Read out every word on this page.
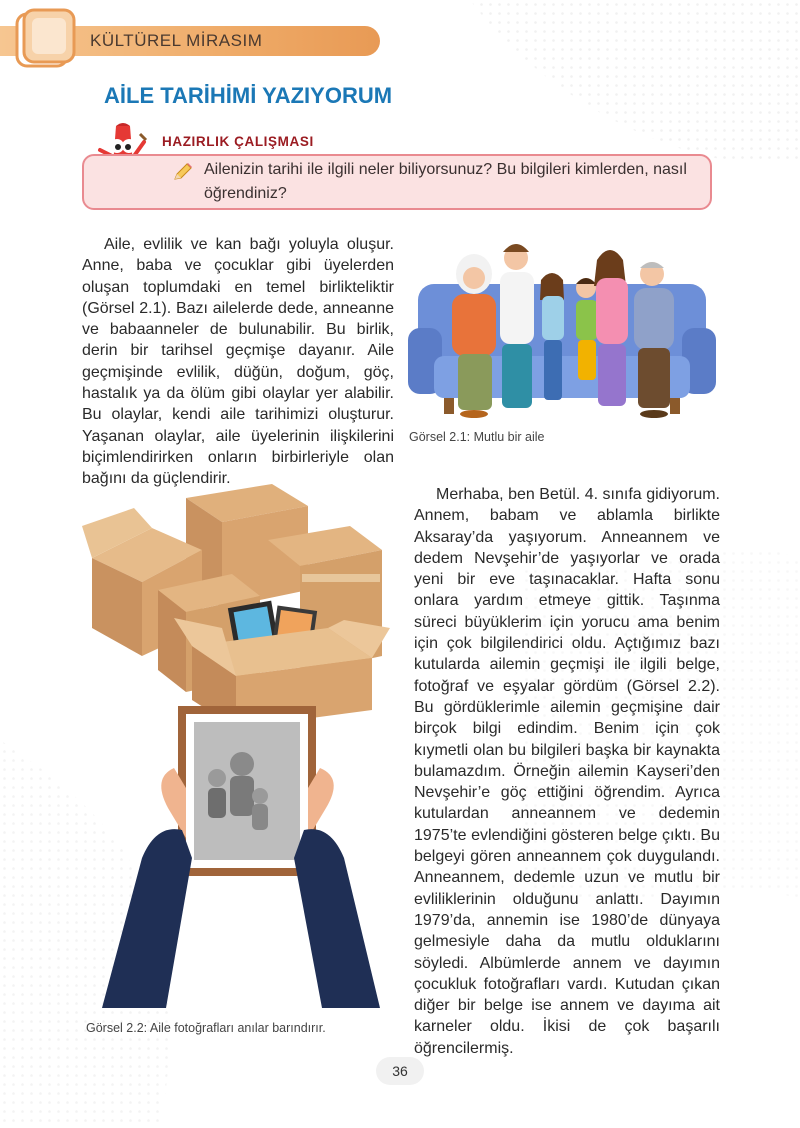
KÜLTÜREL MİRASIM
AİLE TARİHİMİ YAZIYORUM
HAZIRLIK ÇALIŞMASI
Ailenizin tarihi ile ilgili neler biliyorsunuz? Bu bilgileri kimlerden, nasıl öğrendiniz?
Aile, evlilik ve kan bağı yoluyla oluşur. Anne, baba ve çocuklar gibi üyelerden oluşan toplumdaki en temel birlikteliktir (Görsel 2.1). Bazı ailelerde dede, anneanne ve babaanneler de bulunabilir. Bu birlik, derin bir tarihsel geçmişe dayanır. Aile geçmişinde evlilik, düğün, doğum, göç, hastalık ya da ölüm gibi olaylar yer alabilir. Bu olaylar, kendi aile tarihimizi oluşturur. Yaşanan olaylar, aile üyelerinin ilişkilerini biçimlendirirken onların birbirleriyle olan bağını da güçlendirir.
Görsel 2.1: Mutlu bir aile
Görsel 2.2: Aile fotoğrafları anılar barındırır.
Merhaba, ben Betül. 4. sınıfa gidiyorum. Annem, babam ve ablamla birlikte Aksaray’da yaşıyorum. Anneannem ve dedem Nevşehir’de yaşıyorlar ve orada yeni bir eve taşınacaklar. Hafta sonu onlara yardım etmeye gittik. Taşınma süreci büyüklerim için yorucu ama benim için çok bilgilendirici oldu. Açtığımız bazı kutularda ailemin geçmişi ile ilgili belge, fotoğraf ve eşyalar gördüm (Görsel 2.2). Bu gördüklerimle ailemin geçmişine dair birçok bilgi edindim. Benim için çok kıymetli olan bu bilgileri başka bir kaynakta bulamazdım. Örneğin ailemin Kayseri’den Nevşehir’e göç ettiğini öğrendim. Ayrıca kutulardan anneannem ve dedemin 1975’te evlendiğini gösteren belge çıktı. Bu belgeyi gören anneannem çok duygulandı. Anneannem, dedemle uzun ve mutlu bir evliliklerinin olduğunu anlattı. Dayımın 1979’da, annemin ise 1980’de dünyaya gelmesiyle daha da mutlu olduklarını söyledi. Albümlerde annem ve dayımın çocukluk fotoğrafları vardı. Kutudan çıkan diğer bir belge ise annem ve dayıma ait karneler oldu. İkisi de çok başarılı öğrencilermiş.
36
